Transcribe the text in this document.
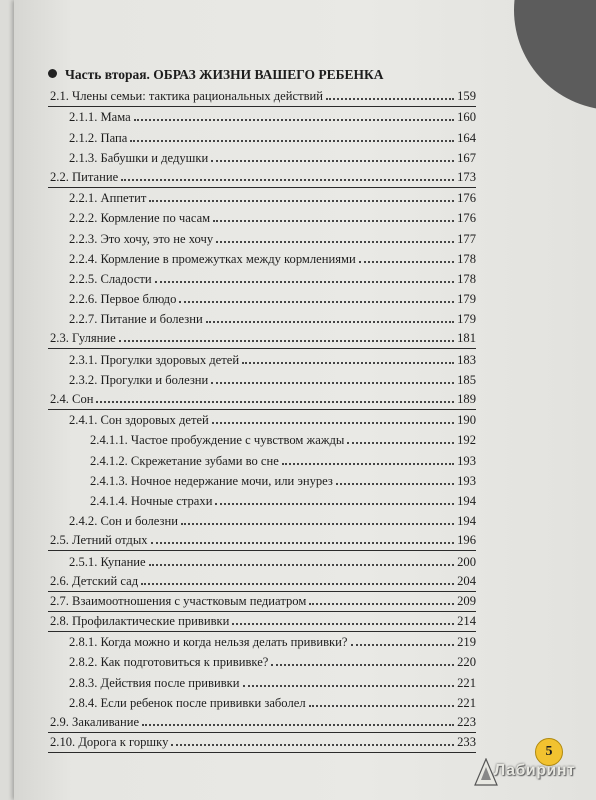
Часть вторая. ОБРАЗ ЖИЗНИ ВАШЕГО РЕБЕНКА
2.1. Члены семьи: тактика рациональных действий	159
2.1.1. Мама	160
2.1.2. Папа	164
2.1.3. Бабушки и дедушки	167
2.2. Питание	173
2.2.1. Аппетит	176
2.2.2. Кормление по часам	176
2.2.3. Это хочу, это не хочу	177
2.2.4. Кормление в промежутках между кормлениями	178
2.2.5. Сладости	178
2.2.6. Первое блюдо	179
2.2.7. Питание и болезни	179
2.3. Гуляние	181
2.3.1. Прогулки здоровых детей	183
2.3.2. Прогулки и болезни	185
2.4. Сон	189
2.4.1. Сон здоровых детей	190
2.4.1.1. Частое пробуждение с чувством жажды	192
2.4.1.2. Скрежетание зубами во сне	193
2.4.1.3. Ночное недержание мочи, или энурез	193
2.4.1.4. Ночные страхи	194
2.4.2. Сон и болезни	194
2.5. Летний отдых	196
2.5.1. Купание	200
2.6. Детский сад	204
2.7. Взаимоотношения с участковым педиатром	209
2.8. Профилактические прививки	214
2.8.1. Когда можно и когда нельзя делать прививки?	219
2.8.2. Как подготовиться к прививке?	220
2.8.3. Действия после прививки	221
2.8.4. Если ребенок после прививки заболел	221
2.9. Закаливание	223
2.10. Дорога к горшку	233
5
Лабиринт
